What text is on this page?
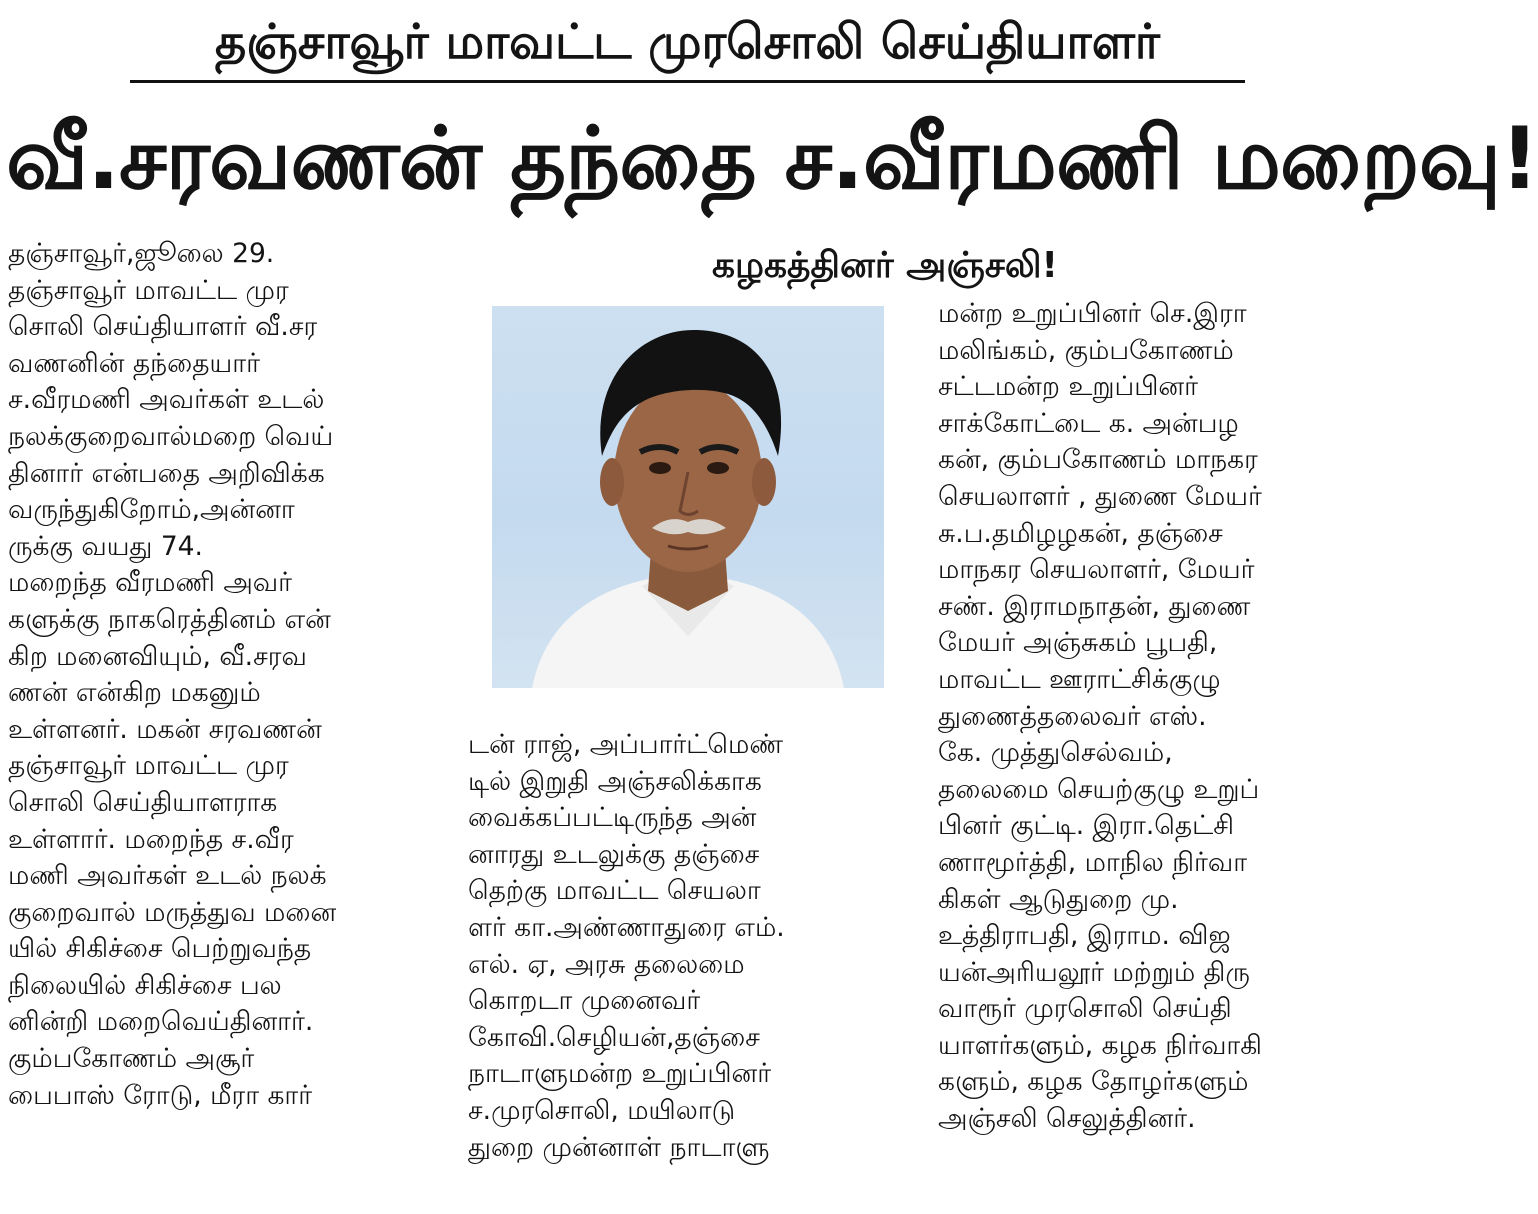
தஞ்சாவூர் மாவட்ட முரசொலி செய்தியாளர்
வீ.சரவணன் தந்தை ச.வீரமணி மறைவு!
கழகத்தினர் அஞ்சலி!
தஞ்சாவூர்,ஜூலை 29.
தஞ்சாவூர் மாவட்ட முர
சொலி செய்தியாளர் வீ.சர
வணனின் தந்தையார்
ச.வீரமணி அவர்கள் உடல்
நலக்குறைவால்மறை வெய்
தினார் என்பதை அறிவிக்க
வருந்துகிறோம்,அன்னா
ருக்கு வயது 74.
மறைந்த வீரமணி அவர்
களுக்கு நாகரெத்தினம் என்
கிற மனைவியும், வீ.சரவ
ணன் என்கிற மகனும்
உள்ளனர். மகன் சரவணன்
தஞ்சாவூர் மாவட்ட முர
சொலி செய்தியாளராக
உள்ளார். மறைந்த ச.வீர
மணி அவர்கள் உடல் நலக்
குறைவால் மருத்துவ மனை
யில் சிகிச்சை பெற்றுவந்த
நிலையில் சிகிச்சை பல
னின்றி மறைவெய்தினார்.
கும்பகோணம் அசூர்
பைபாஸ் ரோடு, மீரா கார்
டன் ராஜ், அப்பார்ட்மெண்
டில் இறுதி அஞ்சலிக்காக
வைக்கப்பட்டிருந்த அன்
னாரது உடலுக்கு தஞ்சை
தெற்கு மாவட்ட செயலா
ளர் கா.அண்ணாதுரை எம்.
எல். ஏ, அரசு தலைமை
கொறடா முனைவர்
கோவி.செழியன்,தஞ்சை
நாடாளுமன்ற உறுப்பினர்
ச.முரசொலி, மயிலாடு
துறை முன்னாள் நாடாளு
மன்ற உறுப்பினர் செ.இரா
மலிங்கம், கும்பகோணம்
சட்டமன்ற உறுப்பினர்
சாக்கோட்டை க. அன்பழ
கன், கும்பகோணம் மாநகர
செயலாளர் , துணை மேயர்
சு.ப.தமிழழகன், தஞ்சை
மாநகர செயலாளர், மேயர்
சண். இராமநாதன், துணை
மேயர் அஞ்சுகம் பூபதி,
மாவட்ட ஊராட்சிக்குழு
துணைத்தலைவர் எஸ்.
கே. முத்துசெல்வம்,
தலைமை செயற்குழு உறுப்
பினர் குட்டி. இரா.தெட்சி
ணாமூர்த்தி, மாநில நிர்வா
கிகள் ஆடுதுறை மு.
உத்திராபதி, இராம. விஜ
யன்அரியலூர் மற்றும் திரு
வாரூர் முரசொலி செய்தி
யாளர்களும், கழக நிர்வாகி
களும், கழக தோழர்களும்
அஞ்சலி செலுத்தினர்.
